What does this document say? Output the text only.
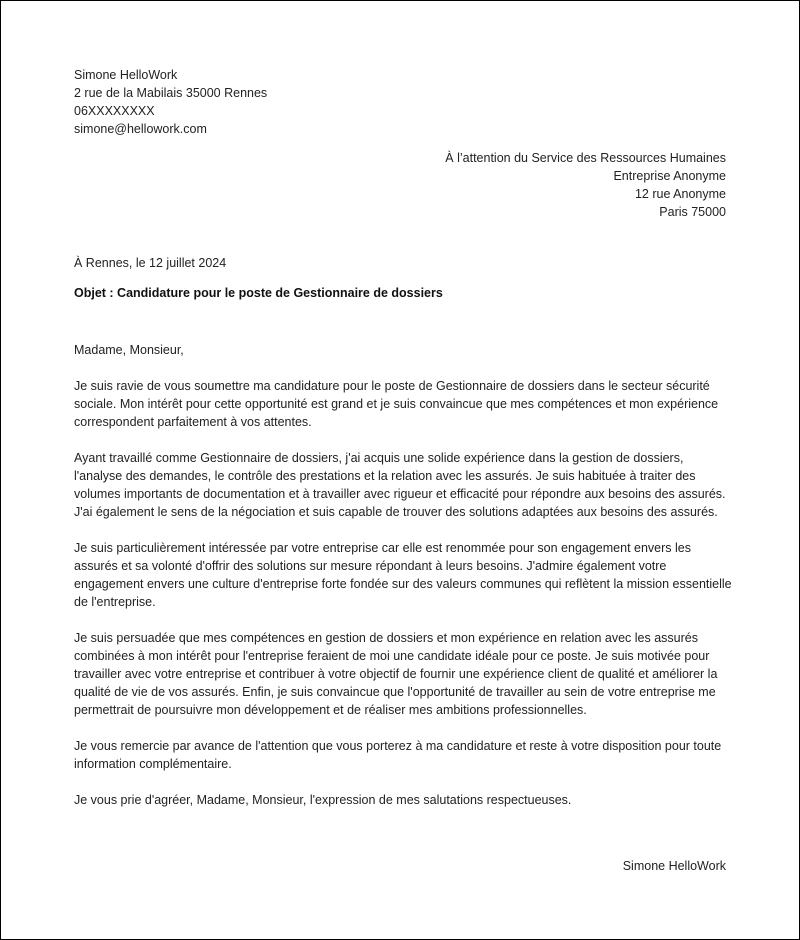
Simone HelloWork
2 rue de la Mabilais 35000 Rennes
06XXXXXXXX
simone@hellowork.com
À l’attention du Service des Ressources Humaines
Entreprise Anonyme
12 rue Anonyme
Paris 75000
À Rennes, le 12 juillet 2024
Objet : Candidature pour le poste de Gestionnaire de dossiers

Madame, Monsieur,

Je suis ravie de vous soumettre ma candidature pour le poste de Gestionnaire de dossiers dans le secteur sécurité sociale. Mon intérêt pour cette opportunité est grand et je suis convaincue que mes compétences et mon expérience correspondent parfaitement à vos attentes.

Ayant travaillé comme Gestionnaire de dossiers, j'ai acquis une solide expérience dans la gestion de dossiers, l'analyse des demandes, le contrôle des prestations et la relation avec les assurés. Je suis habituée à traiter des volumes importants de documentation et à travailler avec rigueur et efficacité pour répondre aux besoins des assurés. J'ai également le sens de la négociation et suis capable de trouver des solutions adaptées aux besoins des assurés.

Je suis particulièrement intéressée par votre entreprise car elle est renommée pour son engagement envers les assurés et sa volonté d'offrir des solutions sur mesure répondant à leurs besoins. J'admire également votre engagement envers une culture d'entreprise forte fondée sur des valeurs communes qui reflètent la mission essentielle de l'entreprise.

Je suis persuadée que mes compétences en gestion de dossiers et mon expérience en relation avec les assurés combinées à mon intérêt pour l'entreprise feraient de moi une candidate idéale pour ce poste. Je suis motivée pour travailler avec votre entreprise et contribuer à votre objectif de fournir une expérience client de qualité et améliorer la qualité de vie de vos assurés. Enfin, je suis convaincue que l'opportunité de travailler au sein de votre entreprise me permettrait de poursuivre mon développement et de réaliser mes ambitions professionnelles.

Je vous remercie par avance de l'attention que vous porterez à ma candidature et reste à votre disposition pour toute information complémentaire.

Je vous prie d'agréer, Madame, Monsieur, l'expression de mes salutations respectueuses.

Simone HelloWork
